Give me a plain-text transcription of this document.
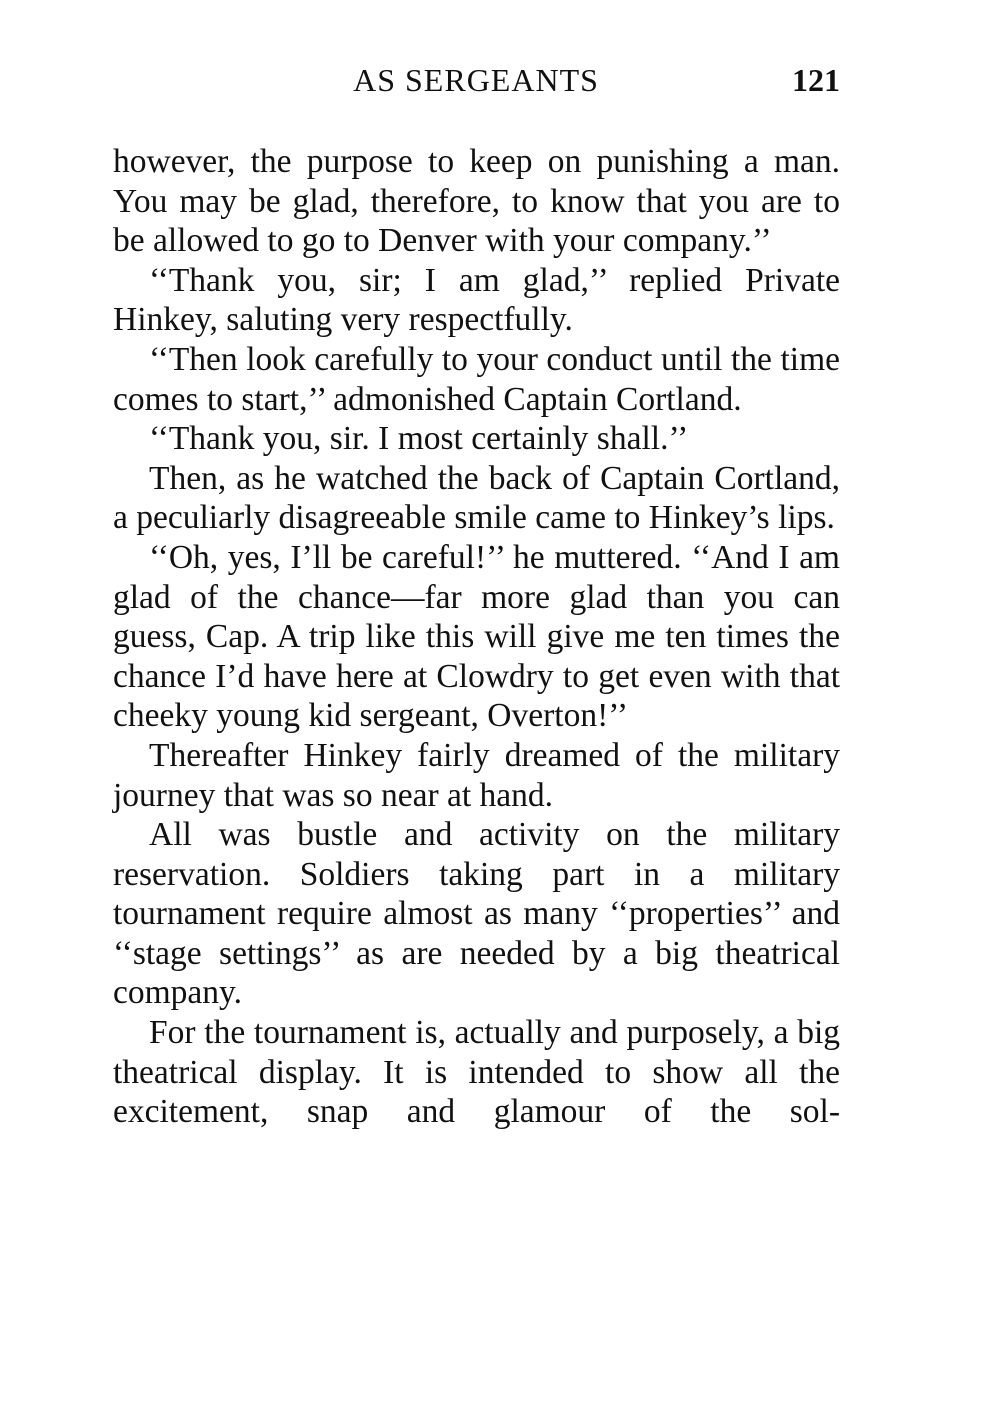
AS SERGEANTS	121

however, the purpose to keep on punishing a man. You may be glad, therefore, to know that you are to be allowed to go to Denver with your company.’’

‘‘Thank you, sir; I am glad,’’ replied Private Hinkey, saluting very respectfully.

‘‘Then look carefully to your conduct until the time comes to start,’’ admonished Captain Cortland.

‘‘Thank you, sir. I most certainly shall.’’

Then, as he watched the back of Captain Cortland, a peculiarly disagreeable smile came to Hinkey’s lips.

‘‘Oh, yes, I’ll be careful!’’ he muttered. ‘‘And I am glad of the chance—far more glad than you can guess, Cap. A trip like this will give me ten times the chance I’d have here at Clowdry to get even with that cheeky young kid sergeant, Overton!’’

Thereafter Hinkey fairly dreamed of the military journey that was so near at hand.

All was bustle and activity on the military reservation. Soldiers taking part in a military tournament require almost as many ‘‘properties’’ and ‘‘stage settings’’ as are needed by a big theatrical company.

For the tournament is, actually and purposely, a big theatrical display. It is intended to show all the excitement, snap and glamour of the sol-
